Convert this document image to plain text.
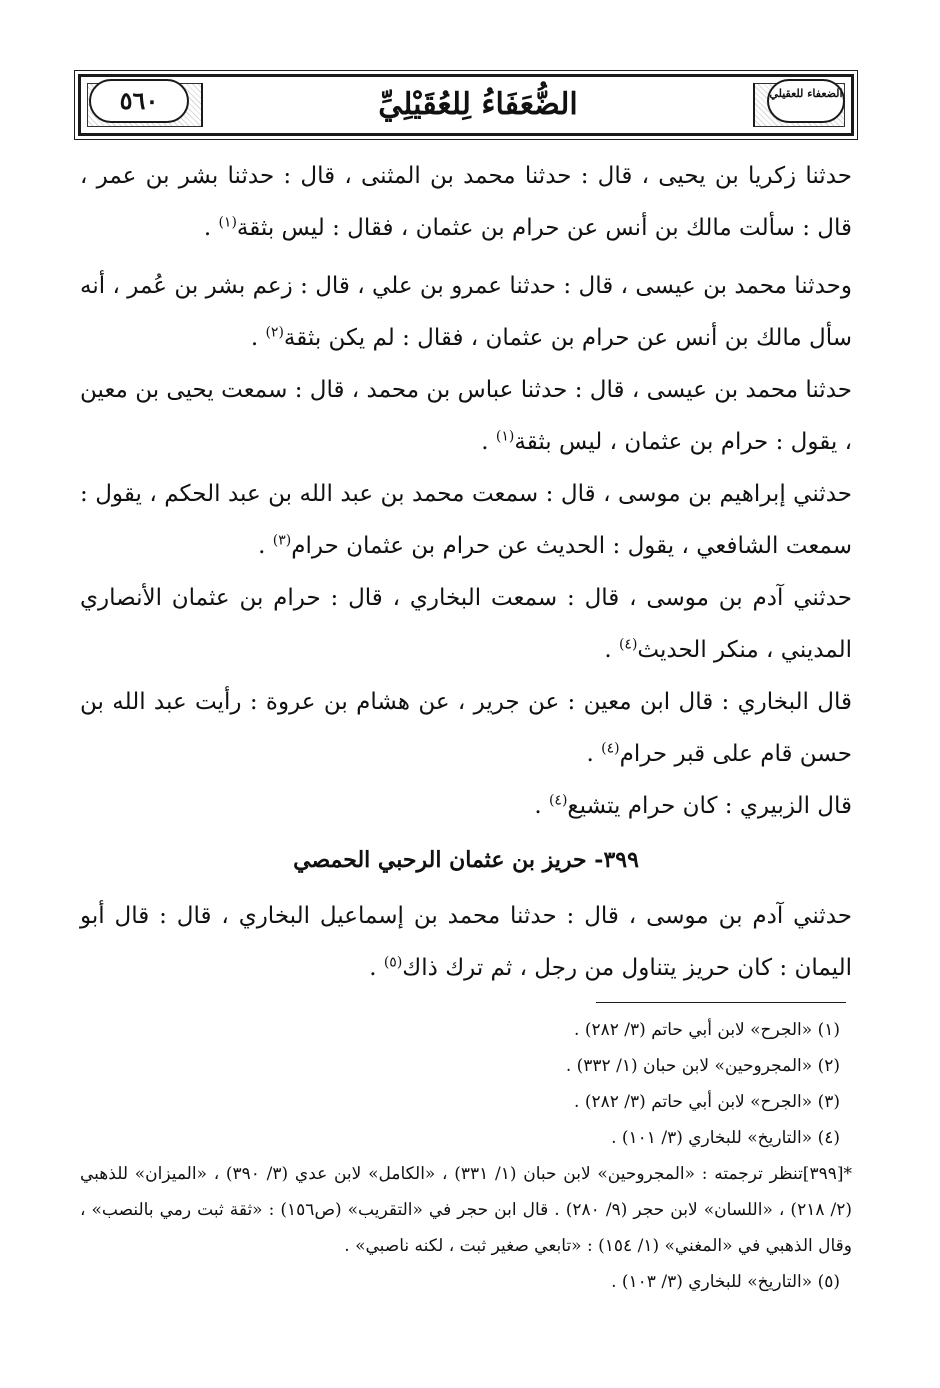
الضُّعَفَاءُ لِلعُقَيْلِيِّ
٥٦٠	الضعفاء للعقيلي

حدثنا زكريا بن يحيى ، قال : حدثنا محمد بن المثنى ، قال : حدثنا بشر بن عمر ، قال : سألت مالك بن أنس عن حرام بن عثمان ، فقال : ليس بثقة$^{(١)}$ .

وحدثنا محمد بن عيسى ، قال : حدثنا عمرو بن علي ، قال : زعم بشر بن عُمر ، أنه سأل مالك بن أنس عن حرام بن عثمان ، فقال : لم يكن بثقة$^{(٢)}$ .

حدثنا محمد بن عيسى ، قال : حدثنا عباس بن محمد ، قال : سمعت يحيى بن معين ، يقول : حرام بن عثمان ، ليس بثقة$^{(١)}$ .

حدثني إبراهيم بن موسى ، قال : سمعت محمد بن عبد الله بن عبد الحكم ، يقول : سمعت الشافعي ، يقول : الحديث عن حرام بن عثمان حرام$^{(٣)}$ .

حدثني آدم بن موسى ، قال : سمعت البخاري ، قال : حرام بن عثمان الأنصاري المديني ، منكر الحديث$^{(٤)}$ .

قال البخاري : قال ابن معين : عن جرير ، عن هشام بن عروة : رأيت عبد الله بن حسن قام على قبر حرام$^{(٤)}$ .

قال الزبيري : كان حرام يتشيع$^{(٤)}$ .

٣٩٩- حريز بن عثمان الرحبي الحمصي

حدثني آدم بن موسى ، قال : حدثنا محمد بن إسماعيل البخاري ، قال : قال أبو اليمان : كان حريز يتناول من رجل ، ثم ترك ذاك$^{(٥)}$ .

(١) «الجرح» لابن أبي حاتم (٣/ ٢٨٢) .

(٢) «المجروحين» لابن حبان (١/ ٣٣٢) .

(٣) «الجرح» لابن أبي حاتم (٣/ ٢٨٢) .

(٤) «التاريخ» للبخاري (٣/ ١٠١) .

*[٣٩٩]تنظر ترجمته : «المجروحين» لابن حبان (١/ ٣٣١) ، «الكامل» لابن عدي (٣/ ٣٩٠) ، «الميزان» للذهبي (٢/ ٢١٨) ، «اللسان» لابن حجر (٩/ ٢٨٠) . قال ابن حجر في «التقريب» (ص١٥٦) : «ثقة ثبت رمي بالنصب» ، وقال الذهبي في «المغني» (١/ ١٥٤) : «تابعي صغير ثبت ، لكنه ناصبي» .

(٥) «التاريخ» للبخاري (٣/ ١٠٣) .
